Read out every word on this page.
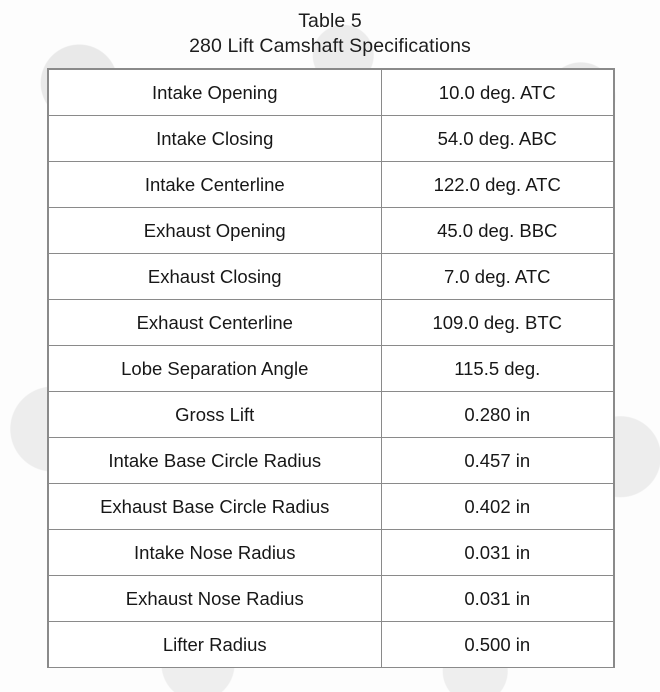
Table 5
280 Lift Camshaft Specifications
Intake Opening	10.0 deg. ATC
Intake Closing	54.0 deg. ABC
Intake Centerline	122.0 deg. ATC
Exhaust Opening	45.0 deg. BBC
Exhaust Closing	7.0 deg. ATC
Exhaust Centerline	109.0 deg. BTC
Lobe Separation Angle	115.5 deg.
Gross Lift	0.280 in
Intake Base Circle Radius	0.457 in
Exhaust Base Circle Radius	0.402 in
Intake Nose Radius	0.031 in
Exhaust Nose Radius	0.031 in
Lifter Radius	0.500 in
